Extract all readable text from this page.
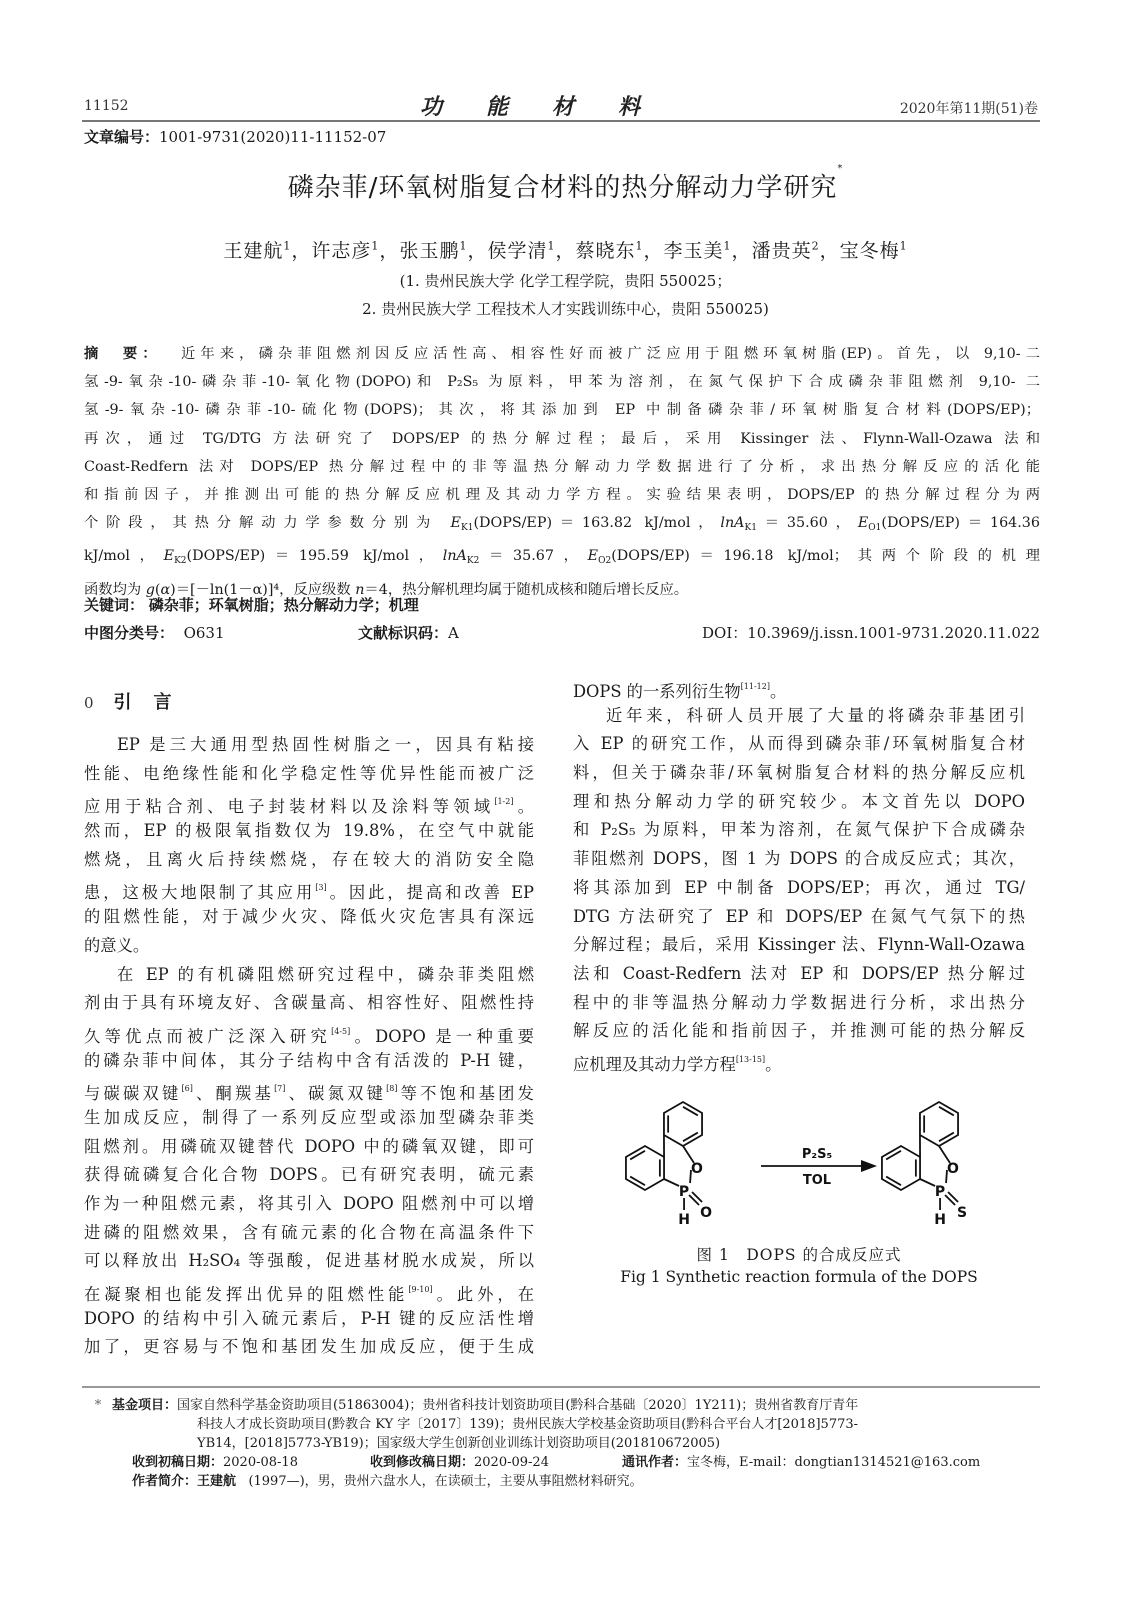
11152	功能材料	2020年第11期(51)卷
文章编号：1001-9731(2020)11-11152-07
磷杂菲/环氧树脂复合材料的热分解动力学研究*
王建航$^1$，许志彦$^1$，张玉鹏$^1$，侯学清$^1$，蔡晓东$^1$，李玉美$^1$，潘贵英$^2$，宝冬梅$^1$
(1. 贵州民族大学 化学工程学院，贵阳 550025；
2. 贵州民族大学 工程技术人才实践训练中心，贵阳 550025)
摘　要：  近年来，磷杂菲阻燃剂因反应活性高、相容性好而被广泛应用于阻燃环氧树脂(EP)。首先，以 9,10-二
氢-9-氧杂-10-磷杂菲-10-氧化物(DOPO)和 P₂S₅ 为原料，甲苯为溶剂，在氮气保护下合成磷杂菲阻燃剂 9,10- 二
氢-9-氧杂-10-磷杂菲-10-硫化物(DOPS)；其次，将其添加到 EP 中制备磷杂菲/环氧树脂复合材料(DOPS/EP)；
再次，通过 TG/DTG 方法研究了 DOPS/EP 的热分解过程；最后，采用 Kissinger 法、Flynn-Wall-Ozawa 法和
Coast-Redfern 法对 DOPS/EP 热分解过程中的非等温热分解动力学数据进行了分析，求出热分解反应的活化能
和指前因子，并推测出可能的热分解反应机理及其动力学方程。实验结果表明，DOPS/EP 的热分解过程分为两
个阶段，其热分解动力学参数分别为 $E_{K1}(DOPS/EP)=163.82$ kJ/mol，lnA$_{K1}$＝35.60，$E_{O1}(DOPS/EP)=164.36$
kJ/mol，$E_{K2}(DOPS/EP)=195.59$ kJ/mol，lnA$_{K2}$＝35.67，$E_{O2}(DOPS/EP)=196.18$ kJ/mol；其两个阶段的机理
函数均为 g(α)＝[－ln(1－α)]⁴，反应级数 n＝4，热分解机理均属于随机成核和随后增长反应。
关键词： 磷杂菲；环氧树脂；热分解动力学；机理
中图分类号： O631	文献标识码：A	DOI：10.3969/j.issn.1001-9731.2020.11.022
0 引言
EP 是三大通用型热固性树脂之一，因具有粘接
性能、电绝缘性能和化学稳定性等优异性能而被广泛
应用于粘合剂、电子封装材料以及涂料等领域[1-2]。
然而，EP 的极限氧指数仅为 19.8%，在空气中就能
燃烧，且离火后持续燃烧，存在较大的消防安全隐
患，这极大地限制了其应用[3]。因此，提高和改善 EP
的阻燃性能，对于减少火灾、降低火灾危害具有深远
的意义。
在 EP 的有机磷阻燃研究过程中，磷杂菲类阻燃
剂由于具有环境友好、含碳量高、相容性好、阻燃性持
久等优点而被广泛深入研究[4-5]。DOPO 是一种重要
的磷杂菲中间体，其分子结构中含有活泼的 P-H 键，
与碳碳双键[6]、酮羰基[7]、碳氮双键[8]等不饱和基团发
生加成反应，制得了一系列反应型或添加型磷杂菲类
阻燃剂。用磷硫双键替代 DOPO 中的磷氧双键，即可
获得硫磷复合化合物 DOPS。已有研究表明，硫元素
作为一种阻燃元素，将其引入 DOPO 阻燃剂中可以增
进磷的阻燃效果，含有硫元素的化合物在高温条件下
可以释放出 H₂SO₄ 等强酸，促进基材脱水成炭，所以
在凝聚相也能发挥出优异的阻燃性能[9-10]。此外，在
DOPO 的结构中引入硫元素后，P-H 键的反应活性增
加了，更容易与不饱和基团发生加成反应，便于生成
DOPS 的一系列衍生物[11-12]。
近年来，科研人员开展了大量的将磷杂菲基团引
入 EP 的研究工作，从而得到磷杂菲/环氧树脂复合材
料，但关于磷杂菲/环氧树脂复合材料的热分解反应机
理和热分解动力学的研究较少。本文首先以 DOPO
和 P₂S₅ 为原料，甲苯为溶剂，在氮气保护下合成磷杂
菲阻燃剂 DOPS，图 1 为 DOPS 的合成反应式；其次，
将其添加到 EP 中制备 DOPS/EP；再次，通过 TG/
DTG 方法研究了 EP 和 DOPS/EP 在氮气气氛下的热
分解过程；最后，采用 Kissinger 法、Flynn-Wall-Ozawa
法和 Coast-Redfern 法对 EP 和 DOPS/EP 热分解过
程中的非等温热分解动力学数据进行分析，求出热分
解反应的活化能和指前因子，并推测可能的热分解反
应机理及其动力学方程[13-15]。
P
O
O
H
P₂S₅
TOL
P
O
S
H
图 1　DOPS 的合成反应式
Fig 1 Synthetic reaction formula of the DOPS
* 基金项目：国家自然科学基金资助项目(51863004)；贵州省科技计划资助项目(黔科合基础〔2020〕1Y211)；贵州省教育厅青年
科技人才成长资助项目(黔教合 KY 字〔2017〕139)；贵州民族大学校基金资助项目(黔科合平台人才[2018]5773-
YB14，[2018]5773-YB19)；国家级大学生创新创业训练计划资助项目(201810672005)
收到初稿日期：2020-08-18	收到修改稿日期：2020-09-24	通讯作者：宝冬梅，E-mail：dongtian1314521@163.com
作者简介：王建航 (1997—)，男，贵州六盘水人，在读硕士，主要从事阻燃材料研究。
